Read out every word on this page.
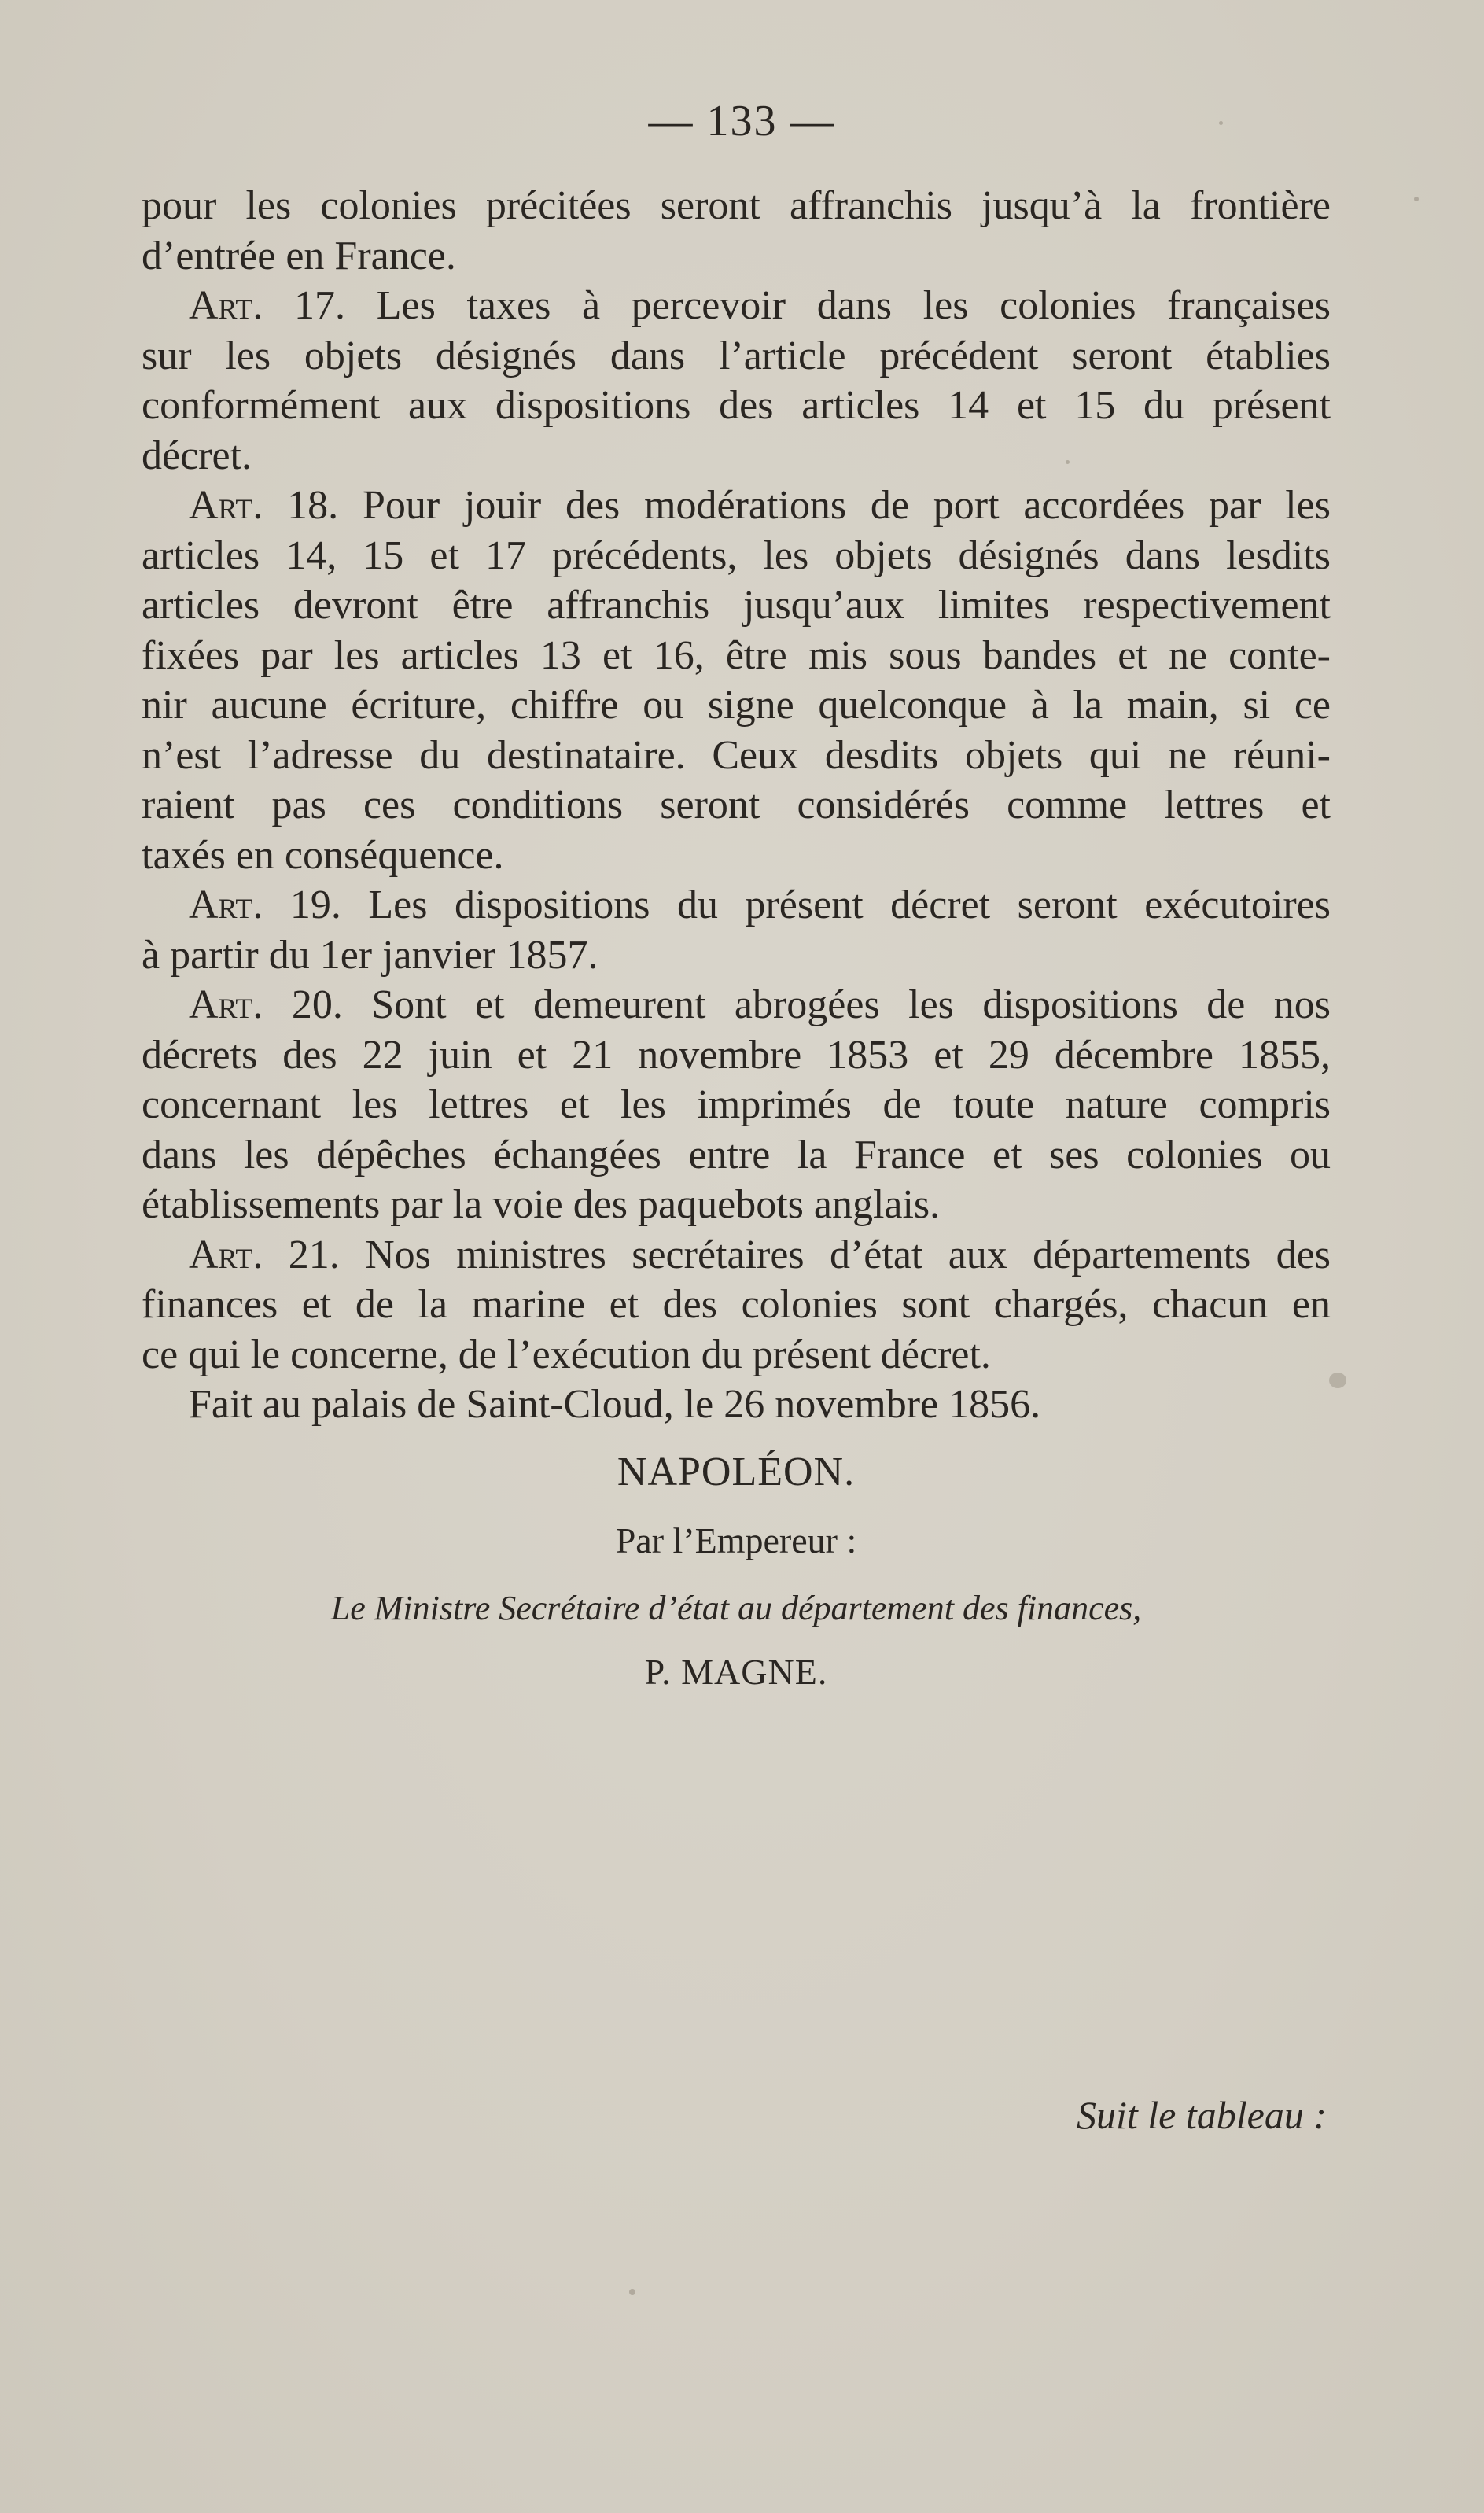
— 133 —
pour les colonies précitées seront affranchis jusqu’à la frontière
d’entrée en France.
Art. 17. Les taxes à percevoir dans les colonies françaises
sur les objets désignés dans l’article précédent seront établies
conformément aux dispositions des articles 14 et 15 du présent
décret.
Art. 18. Pour jouir des modérations de port accordées par les
articles 14, 15 et 17 précédents, les objets désignés dans lesdits
articles devront être affranchis jusqu’aux limites respectivement
fixées par les articles 13 et 16, être mis sous bandes et ne conte-
nir aucune écriture, chiffre ou signe quelconque à la main, si ce
n’est l’adresse du destinataire. Ceux desdits objets qui ne réuni-
raient pas ces conditions seront considérés comme lettres et
taxés en conséquence.
Art. 19. Les dispositions du présent décret seront exécutoires
à partir du 1er janvier 1857.
Art. 20. Sont et demeurent abrogées les dispositions de nos
décrets des 22 juin et 21 novembre 1853 et 29 décembre 1855,
concernant les lettres et les imprimés de toute nature compris
dans les dépêches échangées entre la France et ses colonies ou
établissements par la voie des paquebots anglais.
Art. 21. Nos ministres secrétaires d’état aux départements des
finances et de la marine et des colonies sont chargés, chacun en
ce qui le concerne, de l’exécution du présent décret.
Fait au palais de Saint-Cloud, le 26 novembre 1856.
NAPOLÉON.
Par l’Empereur :
Le Ministre Secrétaire d’état au département des finances,
P. MAGNE.
Suit le tableau :
